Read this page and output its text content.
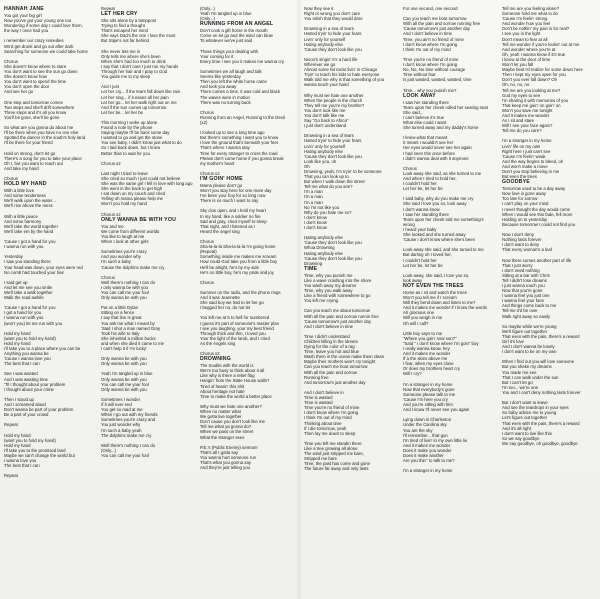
HANNAH JANE
You got your big girl
Now you've got your young one too
Wondering if some day I could love them,
the way I once had you

I remember our crazy remedies
Ws'd get drunk and go out after dark
Searching for someone we could take home

Chorus
She doesn't know where to stare
You don't want to see the sun go down
She doesn't know how
You don't want to spend the time
You don't open the door
And see her go

One step and tomorrow comes
Two steps and she'll drift somewhere
Three steps and it's all you know
You'll be gone, she'll be gone

So what are you gonna do about me
I'll be there when you have no one else
Spotted the dancer in the south's holy land
I'll be there for your friend

Hold on strong, don't let go
There's a song for you to take your place
Oh I, but you want to reach out
And take my hand

Chorus
HOLD MY HAND
With a little love
And some tenderness
We'll walk upon the water...
We'll rise above the mess

With a little peace
And some harmony
We'll take the world together
We'll take em by the hand

'Cause I got a hand for you
I wanna run with you

Yesterday
I saw you standing there
Your head was down, your eyes were red
No comb had touched your hair

I said get up
And let me see you smile
We'll take a walk together
Walk the road awhile

'Cause I got a hand for you
I got a hand for you
I wanna run with you
(won't you) let me run with you

Hold my hand
(want you to hold my hand)
Hold my hand
I'll take you to a place where you can be
Anything you wanna be
'Cause I wanna love you
The best that I can

See I was wasted
And I was wasting time
'Til I thought about your problem
I thought about your crime

Then I stood up
And I screamed aloud
Don't wanna be part of your problem
Be a part of your crowd

Repeat

Hold my hand
(want you to hold my hand)
Hold my hand
I'll take you to the promised land
Maybe we can't change the world but
I wanna love you
The best that I can

Repeat
Repeat
LET HER CRY
She sits alone by a lamppost
Trying to find a thought
That's escaped her mind
She says Dad's the one I love the most
But Stipe's not far behind

She never lets me in
Only tells me where she's been
When she's had too much to drink
I say that I don't care I just run my hands
Through her hair and I pray to God
You guide me to my sleep

And I just
Let her cry... if the tears fall down like rain
Let her sing... if it eases all her pain
Let her go... let her walk right out on me
And if the sun comes up tomorrow
Let her be... let her be

This morning I woke up alone
Found a note by the phone
Saying maybe I'll be back some day
I wanted to go and get the stone
You see baby, I didn't know just what to do
So I laid back down, but I knew
Better than to wait for you

Chorus x2

Last night I tried to leave
She cried so much I just could not believe
She was the same girl I fell in love with long ago
She went in the back to get high
I sat down on my couch and cried
Yelling oh mama please help me
Won't you hold my hand

Chorus x2
ONLY WANNA BE WITH YOU
You and me
We come from different worlds
You like to laugh at me
When I look at other girls

Sometimes you're crazy
And you wonder why
I'm such a baby
'Cause the dolphins make me cry

Chorus
Well there's nothing I can do
I only wanna be with you
You can call me your fool
Only wanna be with you

Put on a little Dylan
Sitting on a fence
I say that line is great
You ask me what I meant by
'Said I shot a man named Gray
Took his wife to Italy
She inherited a million bucks
and when she died it came to me
I can't help it if I'm lucky'

Only wanna be with you
Only wanna be with you

Yeah I'm tangled up in blue
Only wanna be with you
You can call me your fool
Only wanna be with you

Sometimes I wonder
If it will ever end
You get so mad at me
When I go out with my friends
Sometimes you're crazy and
You just wonder why
I'm such a baby yeah
The dolphins make me cry

Well there's nothing I can do
(Only...)
You can call me your fool
(Only...)
Yeah I'm tangled up in blue
(Only...)
RUNNING FROM AN ANGEL
Don't cook a gift horse in the mouth
Come on let go and the wind can blow
To whatever we've just said

Those things your dealing with
Your coming for it
Every time I see you it makes me wanna cry

Sometimes we all laugh and talk
Seems like yesterday
Then you left the white horse came
And took you away
There comes a time, it was cold and black
The waves were in motion
There was no turning back

Chorus
Running from an Angel, Running to the Devil
(x2)

I looked up to see a long time ago
But there's something I want you to know
I love the ground that's beneath your feet
That's where I wanna stay
Time for every stranger to cross the road
Please don't come home if you gonna break
my mother's heart

Chorus x2
I'M GOIN' HOME
Mama please don't go
Won't you stay here for one more day
I've been your boy for so long now
There is so much I want to say

Sky clos open, and I hold my heart
In my hand, like a soldier no fire
Sad and gray, cried myself to sleep
That night, and I listened as I
Heard the angel sing

Chorus
Sha-la-la-la Sha-la-la-la I'm going home
(Repeat)
Something inside me makes me scream
How could God take you from a little boy
He'll be alright, he's by my side
He's no little boy, he's my pride and joy

Chorus

Summer on the radio, and the phone rings
And it was Jeannette
She said boy we had to let her go
I begged her no, do not let

You left me at 5 to hell for numbered
I guess it's part of someone's master plan
I see you laughing, your my best friend
Through thick and thin, I loved you
Your the light of the lamb, and I cried
As the Angels sing

Chorus x2
DROWNING
The trouble with the world is
We're too busy to think about it all
Like why is there a rebel flag
Hangin' from the State House walls?
Tired of hearin' this shit
About heritage not hate
Time to make the world a better place

Why must we hate one another?
When no matter what
We gotta live together
Don't cause you don't look like me
Tell me what ya gonna do?
When we pass on the street
What the stranger sees

P.E.'s (Public Enemy) sermon!
That's all I gotta say
You wanna hurt someone run
That's what you gonna say
And they're just telling you
Now they see it
Right or wrong you don't care
You relish that they would dare

Drowning in a sea of tears
Hatred tryin' to hide your fears
Livin' only for yourself
Hating anybody else
'Cause they don't look like you

Nixon's singin' it's a hard life
Wherever we go
Almost some fat racist livin' in Chicago
Tryin' to teach his kids to hate everyone
Walk told me why is that something of you
wanna touch your hand

Why must we hate one another
When the people in the church
They tell me you're my brother?
You don't look like me
You don't talk like me
Say "Go back to Africa"
I just don't understand

Drowning in a sea of tears
Hatred tryin' to hide your fears
Livin' only for yourself
Hating anybody else
'Cause they don't look like you
Look like you, oh
Oh
Drowning, yeah, I'm tryin' to be someone
That you can look up to
But when I walk down the street
Tell me what do you see?
I'm a man
I'm a man
I'm a man
No I'm not like you
Why do you hate me so?
I don't know
I don't know
I don't know

Hating anybody else
'Cause they don't look like you
Whoa Drowning
Hating anybody else
'Cause they don't look like you
Drowning
TIME
Time, why you punish me
Like a wave crashing into the shore
You wash away my dreams
Time, why you walk away
Like a friend with somewhere to go
You left me crying

Can you teach me about tomorrow
With all the pain and sorrow runnin free
'Cause tomorrow's just another day
And I don't believe in time

Time I didn't understand
Children killing in the streets
Dying for the color of a rag
Time, leave you hot and blue
Wash them in the ocean make them clean
Maybe their mothers won't cry tonight
Can you teach me bout tomorrow
With all the pain and sorrow
Running free
And tomorrow's just another day

And I don't believe in
Time is wasted
Time is wasted
Time you're no friend of mine
I don't know where I'm going
I think I'm out of my mind
Thinking about time
If I die tomorrow, yeah
Then lay me down to sleep

Time you left me standin there
Like a tree growing all alone
The wind just stripped me bare,
Stripped me bare
Time, the past has come and gone
The future far away and only lasts
For one second, one second

Can you teach me bout tomorrow
With all the pain and sorrow running free
'Cause tomorrow's just another day
And I don't believe in time
Time, you ain't no friend of mine
I don't know where I'm going
I think I'm out of my mind

Time you're no friend of mine
I don't know where I'm going
No, No, No time without courage
Time without fear
Is just wasted, wasted, wasted, time

Time... why you punish me?
LOOK AWAY
I saw her standing there
Tears upon her cheek rolled her seating seat
She said...
I can't believe it's true
What else could I want
She turned away and my daddy's home

I knew what that meant
It meant I wouldn't see her
Her eyes would never see her again
I had seen this once before
I didn't wanna deal with it anymore

Chorus
Look away she said, as she turned to me
And when I tried to hold her,
I couldn't hold her
Let her be, let her be

I said baby, why do you make me cry
She said I love you so, look away
I don't wanna know
I saw her standing there
Tears upon her cheek told me something's
wrong
I heard your baby
She looked and she turned away
'Cause I don't know where she's been

Look away she said, and she turned to me
But darling oh I loved her,
I couldn't hold her
Let her be, let her be

Look away, she said, I love you so,
look away
NOT EVEN THE TREES
Home as I sit and watch the trees
Won't you tell me if I scream
Will they bend down and listen to me?
And it makes me wonder if I know the words
Ah gracious one
Will you weigh in me
Oh will I call?

Little boy says to me
"Where you goin' now son?"
"Said " I don't know where I'm goin" boy
I really wanna know, hey
And it makes me wonder
If a the skies above me
I fear, when my eyes close
Or does my brothers heart cry
Will I cry?

I'm a stranger in my home
Now that everybody's gone
Someone please talk to me
'Cause I'm here you cry
And you're sitting with him
And I know I'll never see you again

Lying down in Charleston
Under the Carolina sky
You are the sky
I'll remember... that gun
I'm tired of livin' in my own little lie
And it makes me wonder
Does it make you wonder
Does it make another
Are you thin'' to talk to me?

I'm a stranger in my home
Tell me are you feeling alone?
Someone hold me what to do
'Cause I'm feelin' strong
And wonder how you feel
Don't be nothin' my pain is for real?
I see you in the light
Don't mean to fear at all
Tell me wonder if you're lookin' out at me
And wonder where you're at
Oh, yeah I wanna know if it's true
I know at the door of time
Won't let you fall
Maybe best I'd realize for some down here
Then I kept my eyes open for you
Don't you ever fall down? Oh
Oh, no, no, no
Tell me are you looking at me?
God my eyes to see
I'm sharing it with memories of you
That keep me goin' on goin' on
Won't you save me tonight
And it makes me wonder
As I sit and stare
Will I see your face again?
Tell me do you care?

I'm a stranger in my home
Livin' life on my own
Right here I just can't see
'Cause I'm feelin' weak
And the way begins to bleed, oh
And won't make a move
Don't you stop believing in me
But even the trees
GOODBYE
Tomorrow used to be a day away
Now love is gone away
Too late for sorrow
I can't play on your mind
I never thought the day would come
When I would see this fade, fell more
Holding on to yesterday
Because tomorrow I could not find you

Now I don't deny
Nothing lasts forever
I don't want to deny
That every woman's a leaf

Now there comes another part of life
That I just worry
I don't need nothing
Sitting at a bar with Chris
Tell I didn't lose dreams
I just wanna touch you
Now that you're gone
I wanna feel you just one
I wanna feel your face
And things come back to me
Tell me it'd be over
Walk right away so easily

So maybe while we're young
We'll figure out together
That even with the pain, there's a reward
Girl it's love
And I don't wanna be lonely
I don't want to be on my own

When I find out you will love someone
But you shake my dreams
You made me see
That I can walk under the sun
But I can't let go
I'm too... we're one
You and I can't deny nothing lasts forever

But I don't want to leave
And see the teardrops in your eyes
So baby advice me to young
Let's figure out together
That even with the pain, there's a reward
And it's all right
I don't want to live like this
So we say goodbye
We say goodbye, oh goodbye, goodbye
